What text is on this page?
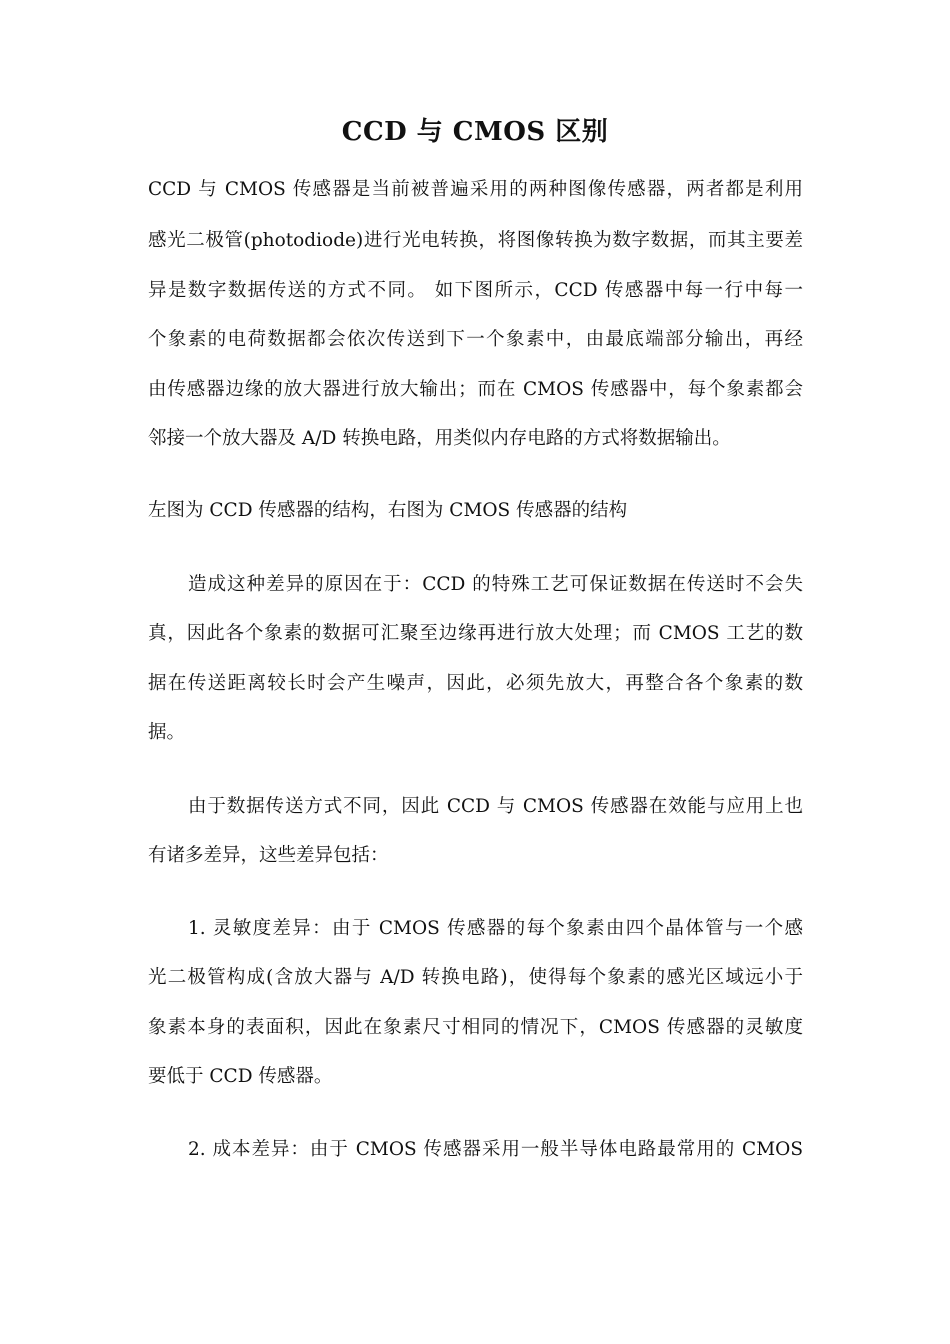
CCD 与 CMOS 区别
CCD 与 CMOS 传感器是当前被普遍采用的两种图像传感器，两者都是利用
感光二极管(photodiode)进行光电转换，将图像转换为数字数据，而其主要差
异是数字数据传送的方式不同。 如下图所示，CCD 传感器中每一行中每一
个象素的电荷数据都会依次传送到下一个象素中，由最底端部分输出，再经
由传感器边缘的放大器进行放大输出；而在 CMOS 传感器中，每个象素都会
邻接一个放大器及 A/D 转换电路，用类似内存电路的方式将数据输出。
左图为 CCD 传感器的结构，右图为 CMOS 传感器的结构
造成这种差异的原因在于：CCD 的特殊工艺可保证数据在传送时不会失
真，因此各个象素的数据可汇聚至边缘再进行放大处理；而 CMOS 工艺的数
据在传送距离较长时会产生噪声，因此，必须先放大，再整合各个象素的数
据。
由于数据传送方式不同，因此 CCD 与 CMOS 传感器在效能与应用上也
有诸多差异，这些差异包括：
1. 灵敏度差异：由于 CMOS 传感器的每个象素由四个晶体管与一个感
光二极管构成(含放大器与 A/D 转换电路)，使得每个象素的感光区域远小于
象素本身的表面积，因此在象素尺寸相同的情况下，CMOS 传感器的灵敏度
要低于 CCD 传感器。
2. 成本差异：由于 CMOS 传感器采用一般半导体电路最常用的 CMOS
